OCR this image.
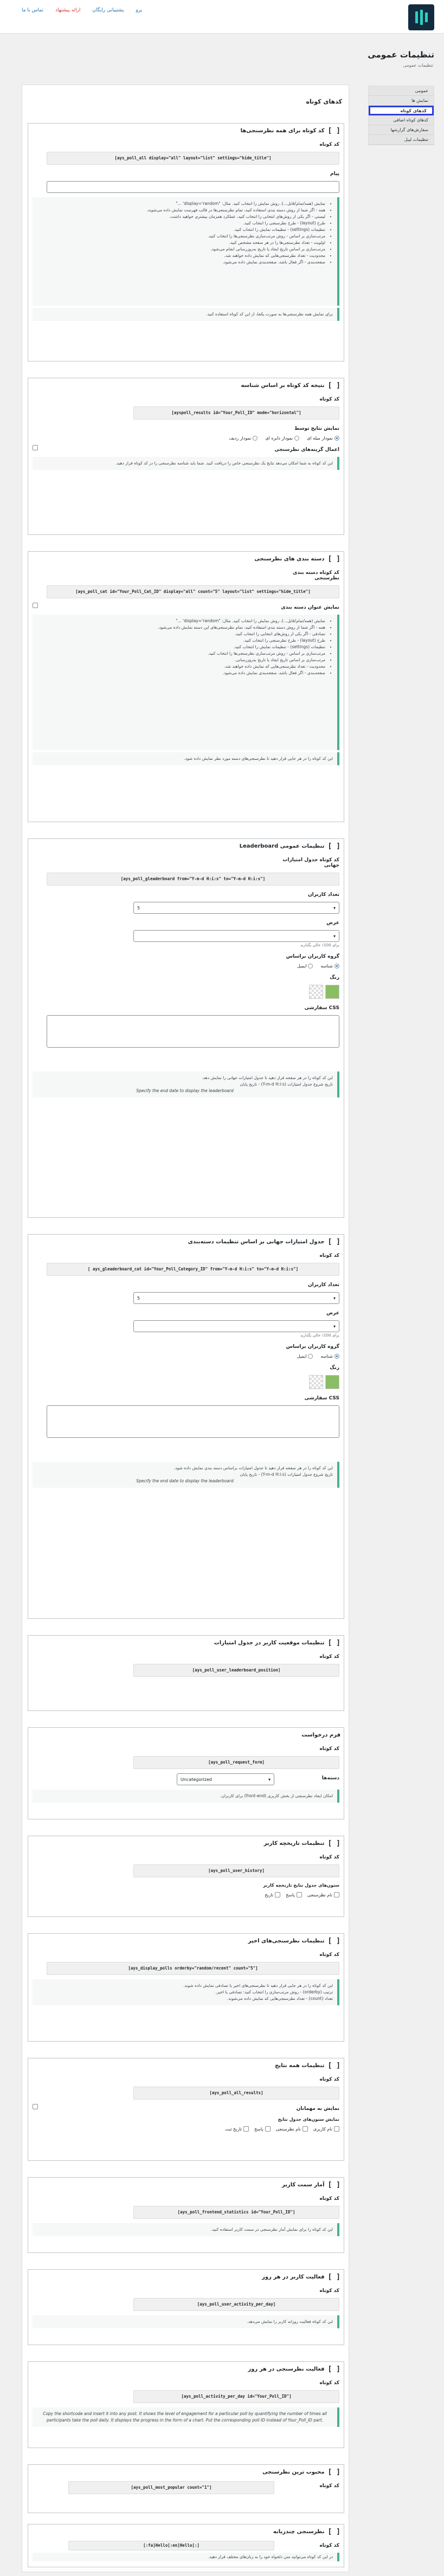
تماس با ما ارائه پیشنهاد پشتیبانی رایگان پرو
تنظیمات عمومی
تنظیمات عمومی
عمومی
نمایش ها
کدهای کوتاه
کدهای کوتاه اضافی
سفارش‌های گزارشها
تنظیمات لیبل
کدهای کوتاه
[ ]
کد کوتاه برای همه نظرسنجی‌ها
کد کوتاه
[ays_poll_all display="all" layout="list" settings="hide_title"]
پیام
• نمایش (همه/تمام/قابل...)، روش نمایش را انتخاب کنید. مثال: "display='random' ..."
• همه - اگر شما از روش دسته بندی استفاده کنید، تمام نظرسنجی‌ها در قالب فهرست نمایش داده می‌شوند.
• لیستی - اگر یکی از روش‌های انتخابی را انتخاب کنید، عملکرد همزمان بیشتری خواهید داشت.
• طرح (layout) - طرح نظرسنجی را انتخاب کنید.
• تنظیمات (settings) - تنظیمات نمایش را انتخاب کنید.
• مرتب‌سازی بر اساس - روش مرتب‌سازی نظرسنجی‌ها را انتخاب کنید.
• اولویت - تعداد نظرسنجی‌ها را در هر صفحه مشخص کنید.
• مرتب‌سازی بر اساس تاریخ ایجاد یا تاریخ به‌روزرسانی انجام می‌شود.
• محدودیت - تعداد نظرسنجی‌هایی که نمایش داده خواهند شد.
• صفحه‌بندی - اگر فعال باشد، صفحه‌بندی نمایش داده می‌شود.
برای نمایش همه نظرسنجی‌ها به صورت یکجا، از این کد کوتاه استفاده کنید.
[ ]
نتیجه کد کوتاه بر اساس شناسه
کد کوتاه
[ayspoll_results id="Your_Poll_ID" mode="horizontal"]
نمایش نتایج توسط
نمودار میله ای
نمودار دایره ای
نمودار ردیف
اعمال گزینه‌های نظرسنجی
این کد کوتاه به شما امکان می‌دهد نتایج یک نظرسنجی خاص را دریافت کنید. شما باید شناسه نظرسنجی را در کد کوتاه قرار دهید.
[ ]
دسته بندی های نظرسنجی
کد کوتاه دسته بندی نظرسنجی
[ays_poll_cat id="Your_Poll_Cat_ID" display="all" count="5" layout="list" settings="hide_title"]
نمایش عنوان دسته بندی
• نمایش (همه/تمام/قابل...)، روش نمایش را انتخاب کنید. مثال: "display='random' ..."
• همه - اگر شما از روش دسته بندی استفاده کنید، تمام نظرسنجی‌های این دسته نمایش داده می‌شود.
• تصادفی - اگر یکی از روش‌های انتخابی را انتخاب کنید.
• طرح (layout) - طرح نظرسنجی را انتخاب کنید.
• تنظیمات (settings) - تنظیمات نمایش را انتخاب کنید.
• مرتب‌سازی بر اساس - روش مرتب‌سازی نظرسنجی‌ها را انتخاب کنید.
• مرتب‌سازی بر اساس تاریخ ایجاد یا تاریخ به‌روزرسانی.
• محدودیت - تعداد نظرسنجی‌هایی که نمایش داده خواهند شد.
• صفحه‌بندی - اگر فعال باشد، صفحه‌بندی نمایش داده می‌شود.
این کد کوتاه را در هر جایی قرار دهید تا نظرسنجی‌های دسته مورد نظر نمایش داده شود.
[ ]
تنظیمات عمومی Leaderboard
کد کوتاه جدول امتیازات جهانی
[ays_poll_gleaderboard from="Y-m-d H:i:s" to="Y-m-d H:i:s"]
تعداد کاربران
▾
5
عرض
▾
برای 100٪ خالی بگذارید
گروه کاربران براساس
شناسه
ایمیل
رنگ
CSS سفارشی
این کد کوتاه را در هر صفحه قرار دهید تا جدول امتیازات جهانی را نمایش دهد.
تاریخ شروع جدول امتیازات (Y-m-d H:i:s) - تاریخ پایان
Specify the end date to display the leaderboard
[ ]
جدول امتیازات جهانی بر اساس تنظیمات دسته‌بندی
کد کوتاه
[ ays_gleaderboard_cat id="Your_Poll_Category_ID" from="Y-m-d H:i:s" to="Y-m-d H:i:s"]
تعداد کاربران
▾
5
عرض
▾
برای 100٪ خالی بگذارید
گروه کاربران براساس
شناسه
ایمیل
رنگ
CSS سفارشی
این کد کوتاه را در هر صفحه قرار دهید تا جدول امتیازات براساس دسته بندی نمایش داده شود.
تاریخ شروع جدول امتیازات (Y-m-d H:i:s) - تاریخ پایان
Specify the end date to display the leaderboard
[ ]
تنظیمات موقعیت کاربر در جدول امتیازات
کد کوتاه
[ays_poll_user_leaderboard_position]
فرم درخواست
کد کوتاه
[ays_poll_request_form]
دسته‌ها
▾
Uncategorized
امکان ایجاد نظرسنجی از بخش کاربری (front-end) برای کاربران.
[ ]
تنظیمات تاریخچه کاربر
کد کوتاه
[ays_poll_user_history]
ستون‌های جدول نتایج تاریخچه کاربر
نام نظرسنجی
پاسخ
تاریخ
[ ]
تنظیمات نظرسنجی‌های اخیر
کد کوتاه
[ays_display_polls orderby="random/recent" count="5"]
این کد کوتاه را در هر جایی قرار دهید تا نظرسنجی‌های اخیر یا تصادفی نمایش داده شوند.
ترتیب (orderby) - روش مرتب‌سازی را انتخاب کنید: تصادفی یا اخیر.
تعداد (count) - تعداد نظرسنجی‌هایی که نمایش داده می‌شوند.
[ ]
تنظیمات همه نتایج
کد کوتاه
[ays_poll_all_results]
نمایش به مهمانان
نمایش ستون‌های جدول نتایج
نام کاربری
نام نظرسنجی
پاسخ
تاریخ ثبت
[ ]
آمار سمت کاربر
کد کوتاه
[ays_poll_frontend_statistics id="Your_Poll_ID"]
این کد کوتاه را برای نمایش آمار نظرسنجی در سمت کاربر استفاده کنید.
[ ]
فعالیت کاربر در هر روز
کد کوتاه
[ays_poll_user_activity_per_day]
این کد کوتاه فعالیت روزانه کاربر را نمایش می‌دهد.
[ ]
فعالیت نظرسنجی در هر روز
کد کوتاه
[ays_poll_activity_per_day id="Your_Poll_ID"]
Copy the shortcode and insert it into any post. It shows the level of engagement for a particular poll by quantifying the number of times all participants take the poll daily. It displays the progress in the form of a chart. Put the corresponding poll ID instead of Your_Poll_ID part.
[ ]
محبوب ترین نظرسنجی
کد کوتاه
[ays_poll_most_popular count="1"]
[ ]
نظرسنجی چندزبانه
کد کوتاه
[:fa]Hello[:en]Hello[:]
در این کد کوتاه می‌توانید متن دلخواه خود را به زبان‌های مختلف قرار دهید.
